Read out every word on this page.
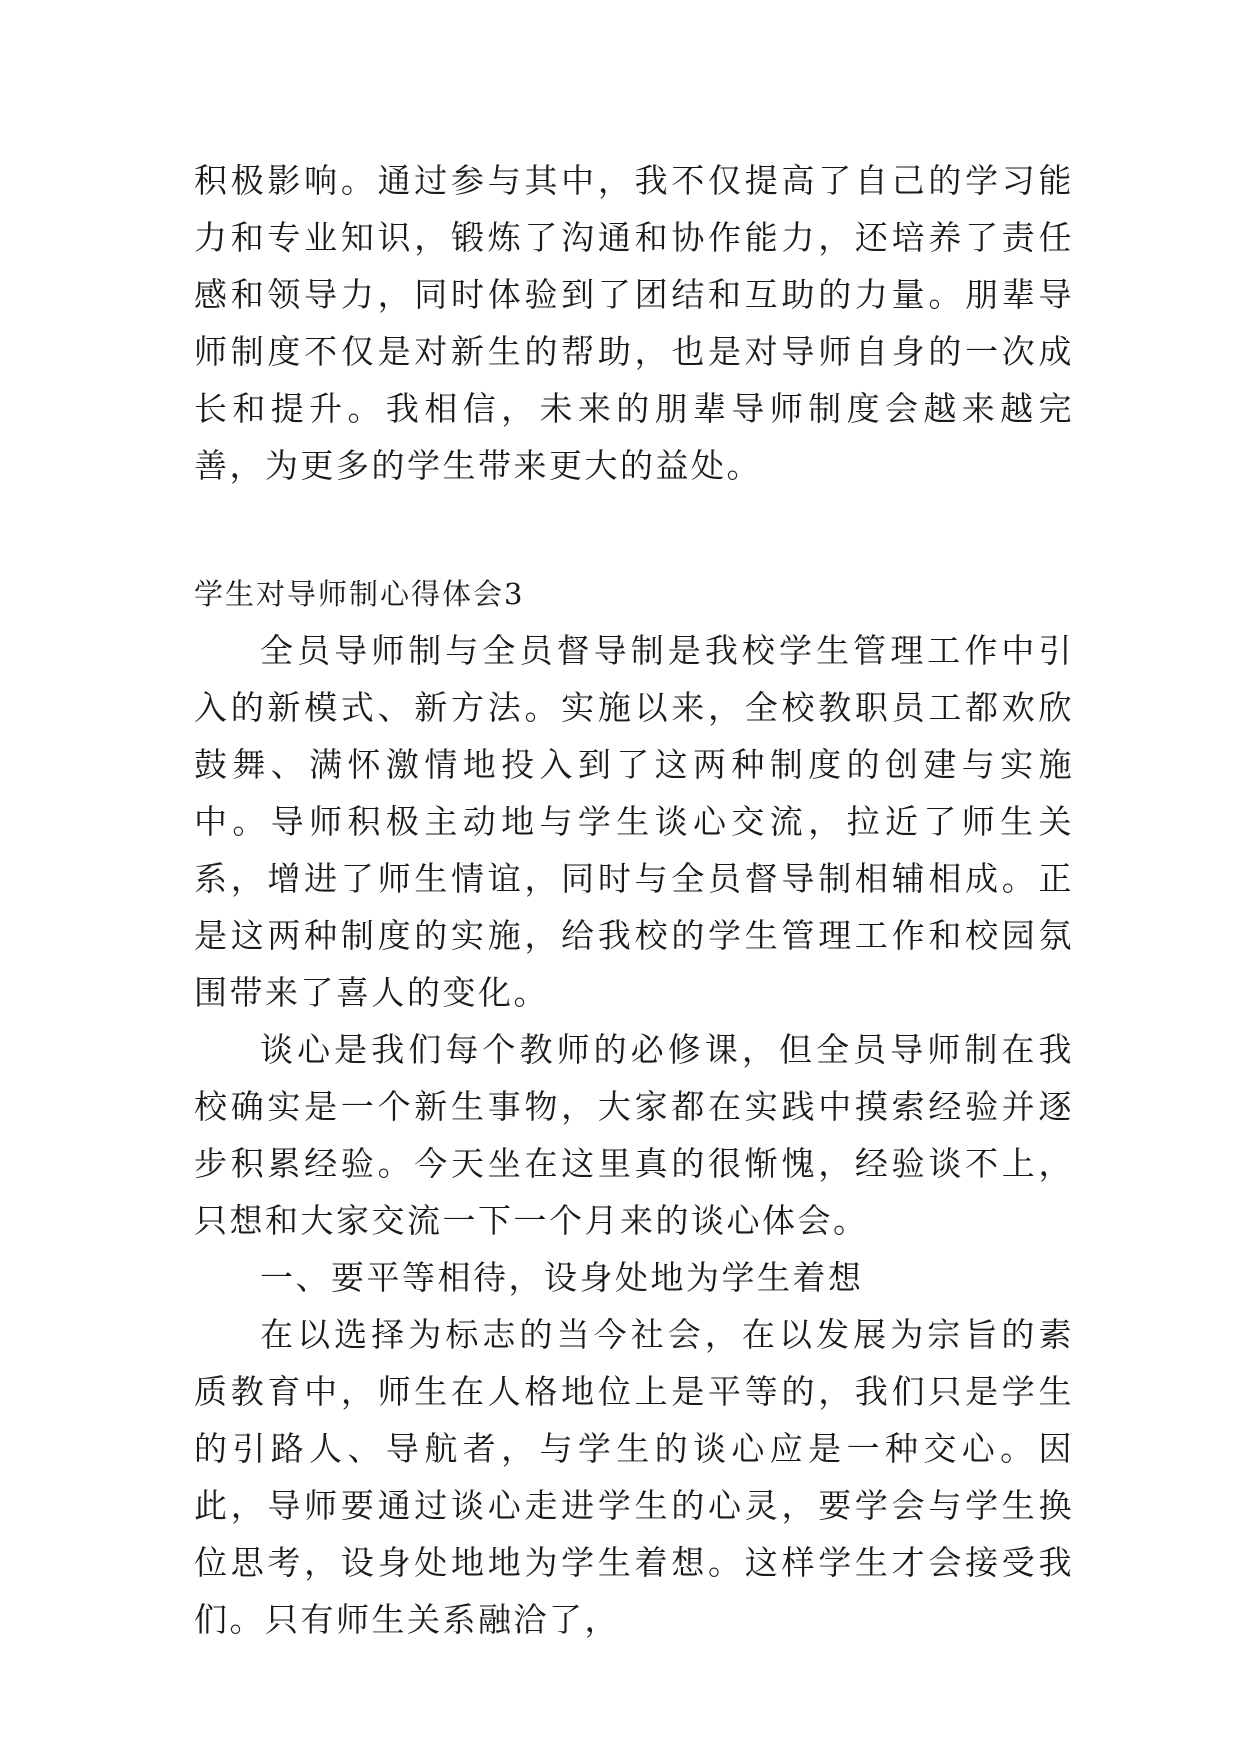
积极影响。通过参与其中，我不仅提高了自己的学习能力和专业知识，锻炼了沟通和协作能力，还培养了责任感和领导力，同时体验到了团结和互助的力量。朋辈导师制度不仅是对新生的帮助，也是对导师自身的一次成长和提升。我相信，未来的朋辈导师制度会越来越完善，为更多的学生带来更大的益处。

学生对导师制心得体会3

全员导师制与全员督导制是我校学生管理工作中引入的新模式、新方法。实施以来，全校教职员工都欢欣鼓舞、满怀激情地投入到了这两种制度的创建与实施中。导师积极主动地与学生谈心交流，拉近了师生关系，增进了师生情谊，同时与全员督导制相辅相成。正是这两种制度的实施，给我校的学生管理工作和校园氛围带来了喜人的变化。

谈心是我们每个教师的必修课，但全员导师制在我校确实是一个新生事物，大家都在实践中摸索经验并逐步积累经验。今天坐在这里真的很惭愧，经验谈不上，只想和大家交流一下一个月来的谈心体会。

一、要平等相待，设身处地为学生着想

在以选择为标志的当今社会，在以发展为宗旨的素质教育中，师生在人格地位上是平等的，我们只是学生的引路人、导航者，与学生的谈心应是一种交心。因此，导师要通过谈心走进学生的心灵，要学会与学生换位思考，设身处地地为学生着想。这样学生才会接受我们。只有师生关系融洽了，
